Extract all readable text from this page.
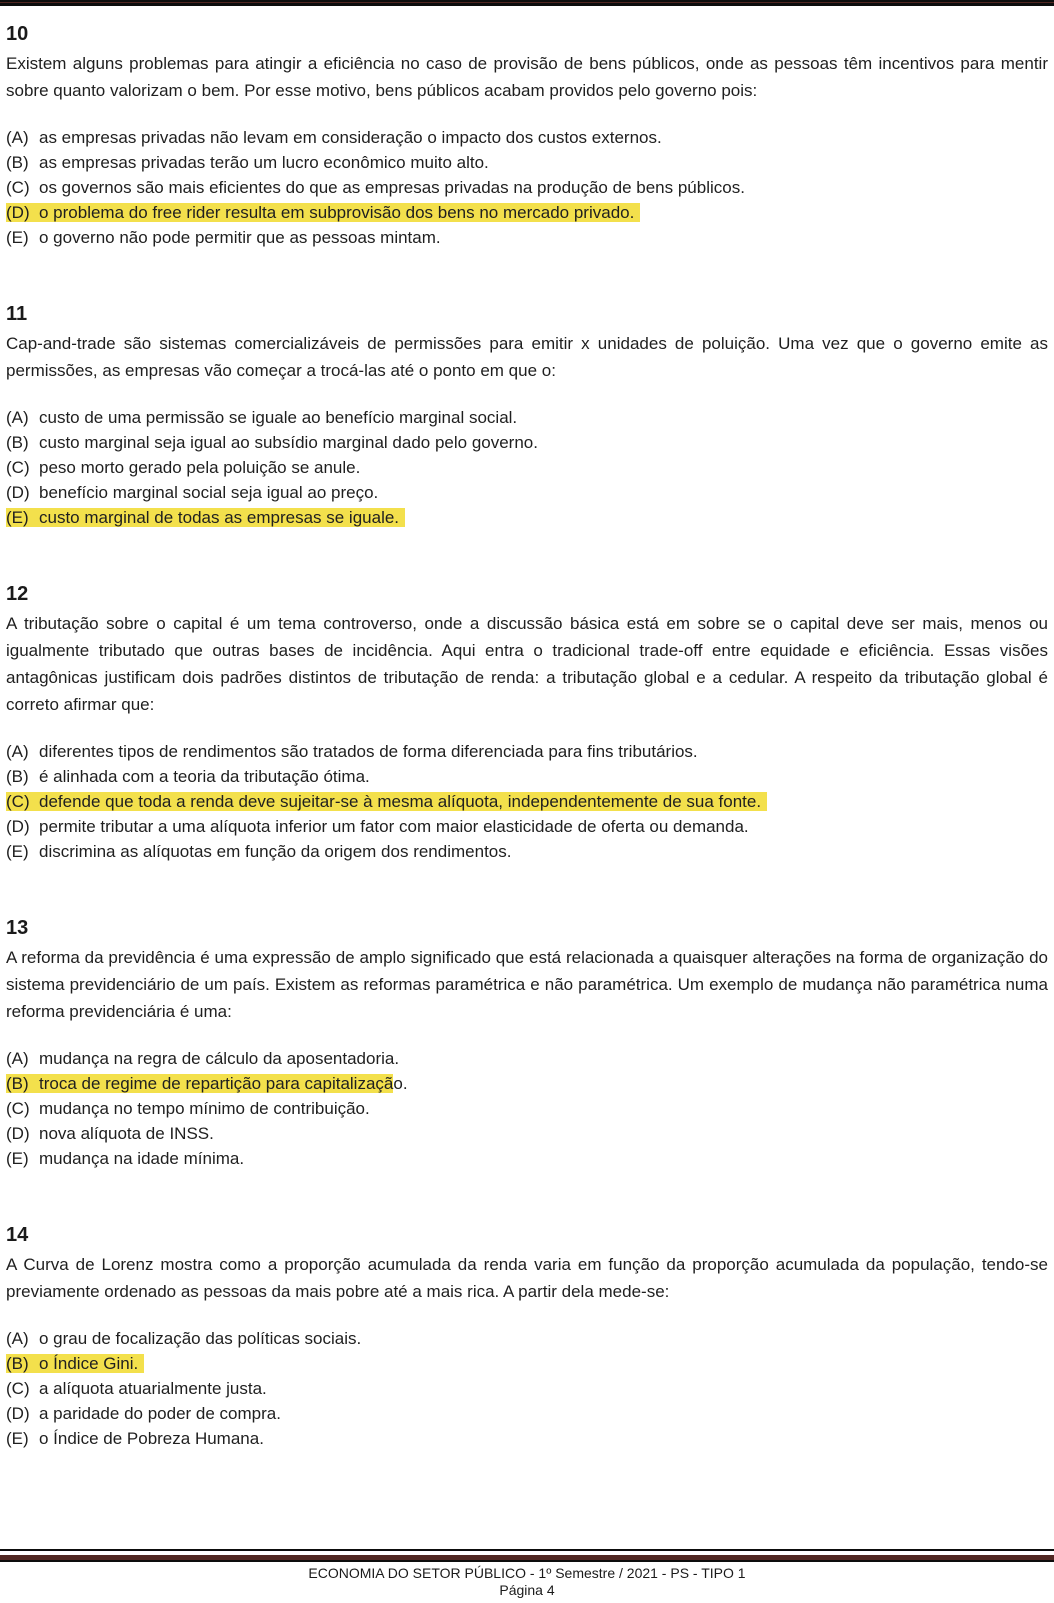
10
Existem alguns problemas para atingir a eficiência no caso de provisão de bens públicos, onde as pessoas têm incentivos para mentir sobre quanto valorizam o bem. Por esse motivo, bens públicos acabam providos pelo governo pois:
(A) as empresas privadas não levam em consideração o impacto dos custos externos.
(B) as empresas privadas terão um lucro econômico muito alto.
(C) os governos são mais eficientes do que as empresas privadas na produção de bens públicos.
(D) o problema do free rider resulta em subprovisão dos bens no mercado privado.
(E) o governo não pode permitir que as pessoas mintam.
11
Cap-and-trade são sistemas comercializáveis de permissões para emitir x unidades de poluição. Uma vez que o governo emite as permissões, as empresas vão começar a trocá-las até o ponto em que o:
(A) custo de uma permissão se iguale ao benefício marginal social.
(B) custo marginal seja igual ao subsídio marginal dado pelo governo.
(C) peso morto gerado pela poluição se anule.
(D) benefício marginal social seja igual ao preço.
(E) custo marginal de todas as empresas se iguale.
12
A tributação sobre o capital é um tema controverso, onde a discussão básica está em sobre se o capital deve ser mais, menos ou igualmente tributado que outras bases de incidência. Aqui entra o tradicional trade-off entre equidade e eficiência. Essas visões antagônicas justificam dois padrões distintos de tributação de renda: a tributação global e a cedular. A respeito da tributação global é correto afirmar que:
(A) diferentes tipos de rendimentos são tratados de forma diferenciada para fins tributários.
(B) é alinhada com a teoria da tributação ótima.
(C) defende que toda a renda deve sujeitar-se à mesma alíquota, independentemente de sua fonte.
(D) permite tributar a uma alíquota inferior um fator com maior elasticidade de oferta ou demanda.
(E) discrimina as alíquotas em função da origem dos rendimentos.
13
A reforma da previdência é uma expressão de amplo significado que está relacionada a quaisquer alterações na forma de organização do sistema previdenciário de um país. Existem as reformas paramétrica e não paramétrica. Um exemplo de mudança não paramétrica numa reforma previdenciária é uma:
(A) mudança na regra de cálculo da aposentadoria.
(B) troca de regime de repartição para capitalização.
(C) mudança no tempo mínimo de contribuição.
(D) nova alíquota de INSS.
(E) mudança na idade mínima.
14
A Curva de Lorenz mostra como a proporção acumulada da renda varia em função da proporção acumulada da população, tendo-se previamente ordenado as pessoas da mais pobre até a mais rica. A partir dela mede-se:
(A) o grau de focalização das políticas sociais.
(B) o Índice Gini.
(C) a alíquota atuarialmente justa.
(D) a paridade do poder de compra.
(E) o Índice de Pobreza Humana.
ECONOMIA DO SETOR PÚBLICO - 1º Semestre / 2021 - PS - TIPO 1
Página 4
